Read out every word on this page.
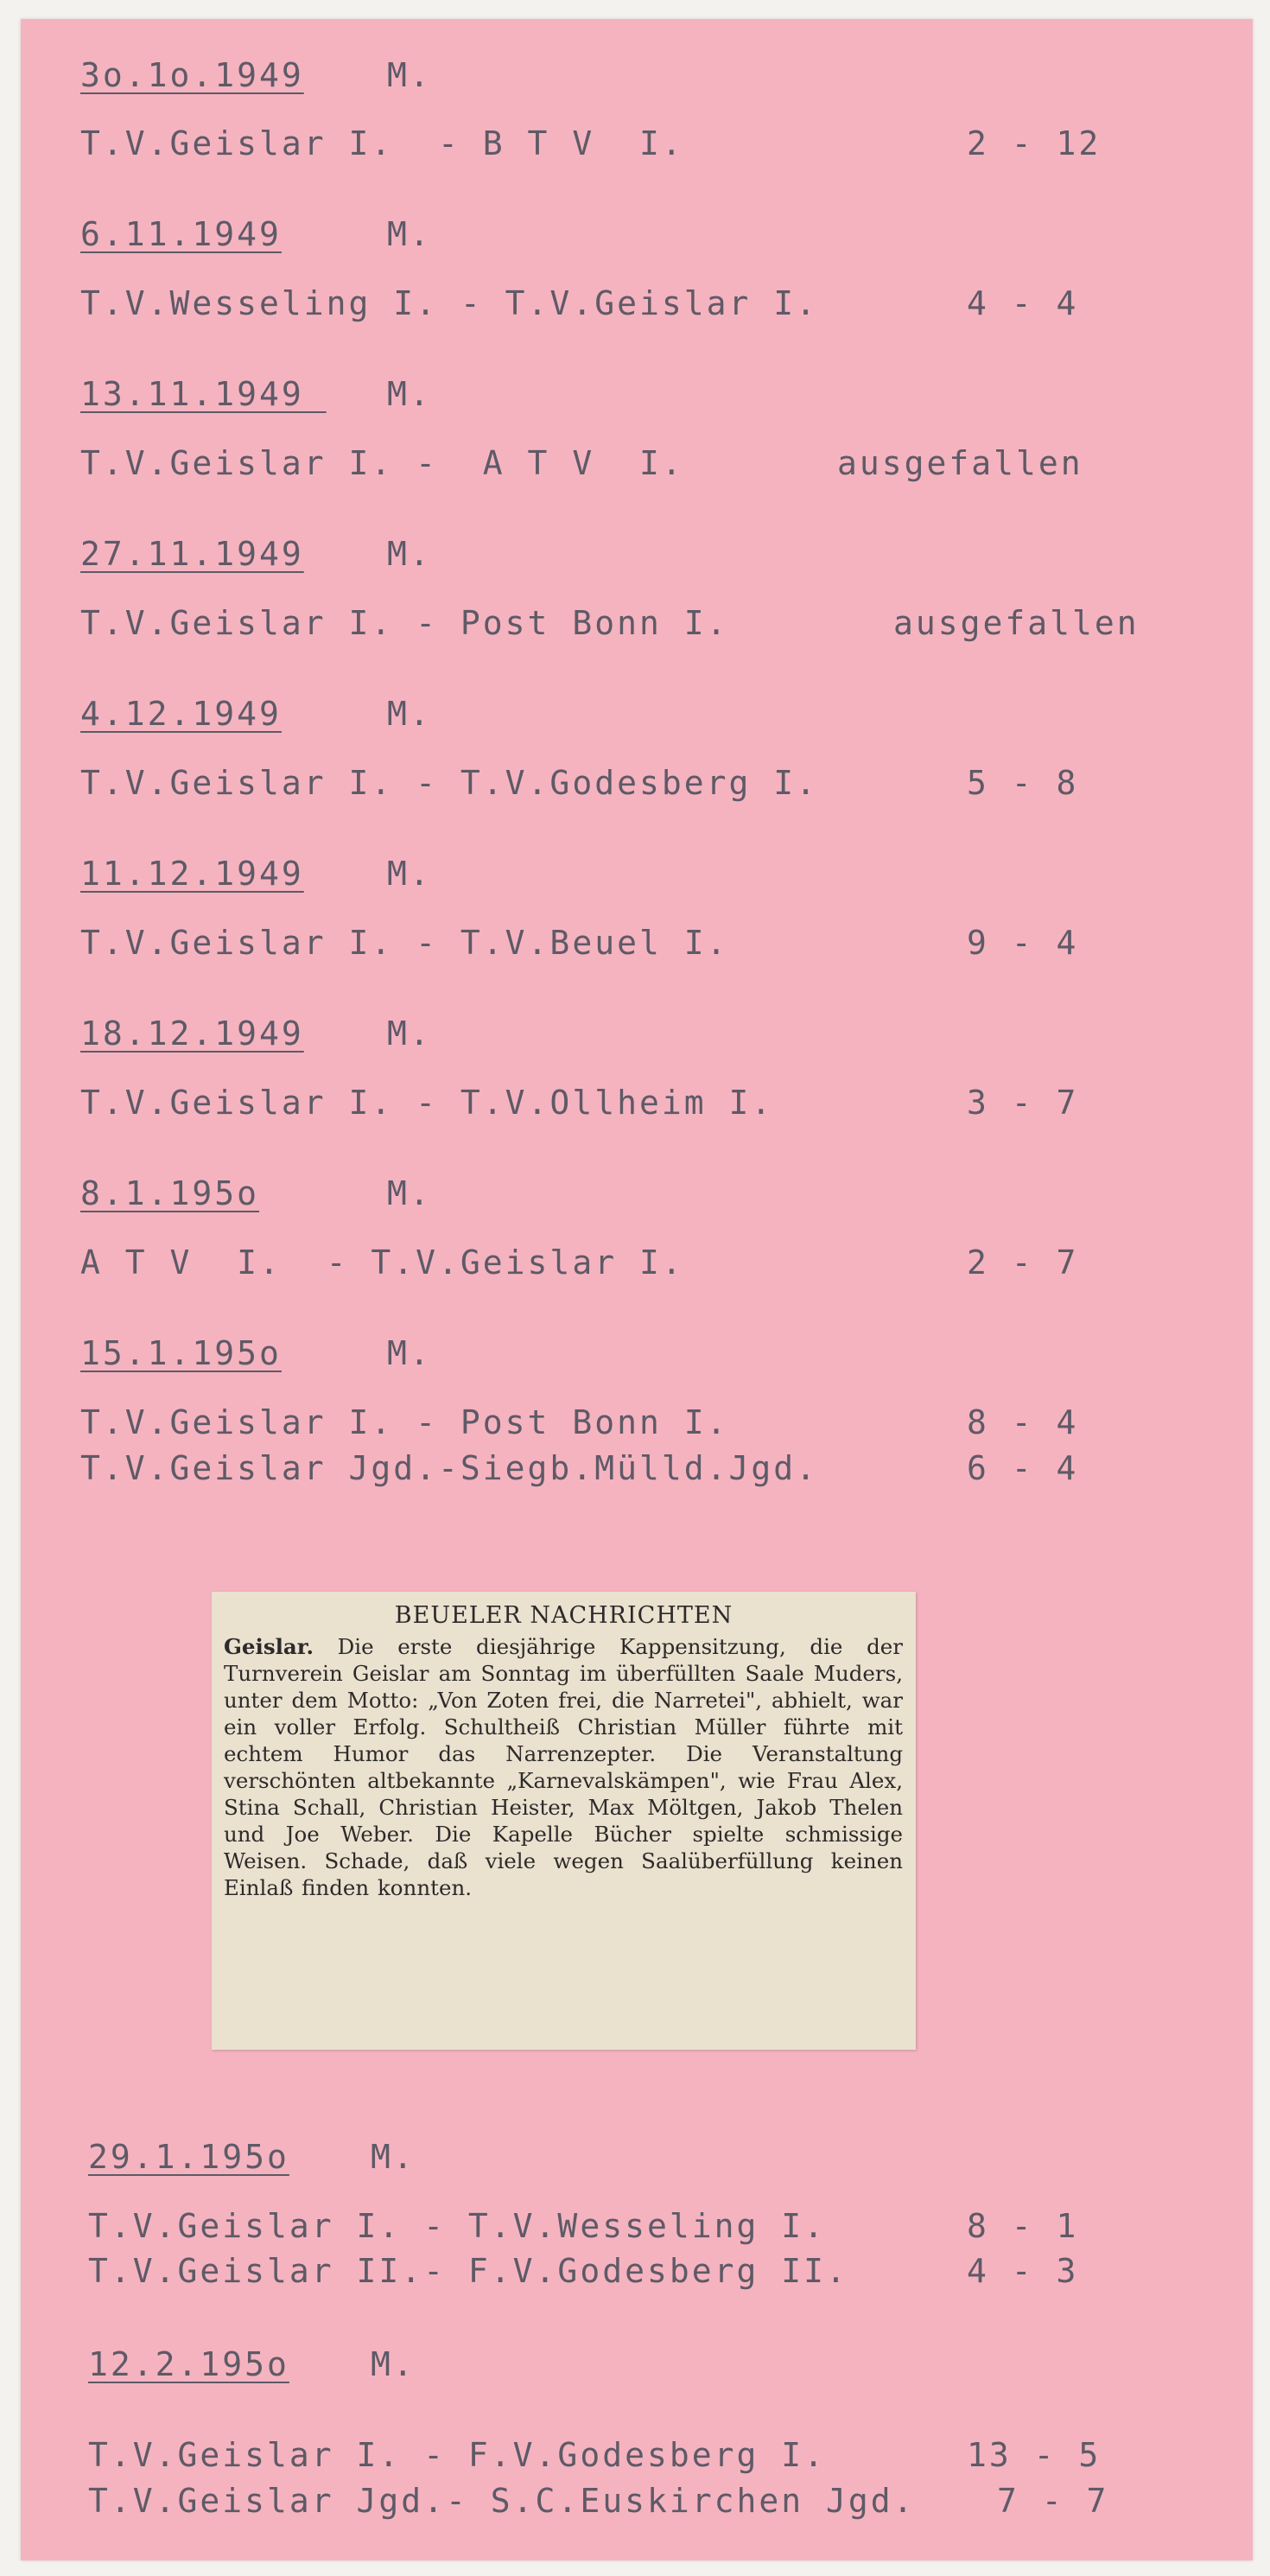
3o.1o.1949	M.
T.V.Geislar I.  - B T V  I.	2 - 12
6.11.1949	M.
T.V.Wesseling I. - T.V.Geislar I.	4 - 4
13.11.1949_ M.
T.V.Geislar I. -  A T V  I.	ausgefallen
27.11.1949	M.
T.V.Geislar I. - Post Bonn I.	ausgefallen
4.12.1949	M.
T.V.Geislar I. - T.V.Godesberg I.	5 - 8
11.12.1949	M.
T.V.Geislar I. - T.V.Beuel I.	9 - 4
18.12.1949	M.
T.V.Geislar I. - T.V.Ollheim I.	3 - 7
8.1.195o	M.
A T V  I.  - T.V.Geislar I.	2 - 7
15.1.195o	M.
T.V.Geislar I. - Post Bonn I.	8 - 4
T.V.Geislar Jgd.-Siegb.Mülld.Jgd.	6 - 4
29.1.195o M.
T.V.Geislar I. - T.V.Wesseling I.	8 - 1
T.V.Geislar II.- F.V.Godesberg II.	4 - 3
12.2.195o M.
T.V.Geislar I. - F.V.Godesberg I.	13 - 5
T.V.Geislar Jgd.- S.C.Euskirchen Jgd. 7 - 7
BEUELER NACHRICHTEN
Geislar. Die erste diesjährige Kappensitzung, die der Turnverein Geislar am Sonntag im überfüllten Saale Muders, unter dem Motto: „Von Zoten frei, die Narretei", abhielt, war ein voller Erfolg. Schultheiß Christian Müller führte mit echtem Humor das Narrenzepter. Die Veranstaltung verschönten altbekannte „Karnevalskämpen", wie Frau Alex, Stina Schall, Christian Heister, Max Möltgen, Jakob Thelen und Joe Weber. Die Kapelle Bücher spielte schmissige Weisen. Schade, daß viele wegen Saalüberfüllung keinen Einlaß finden konnten.
